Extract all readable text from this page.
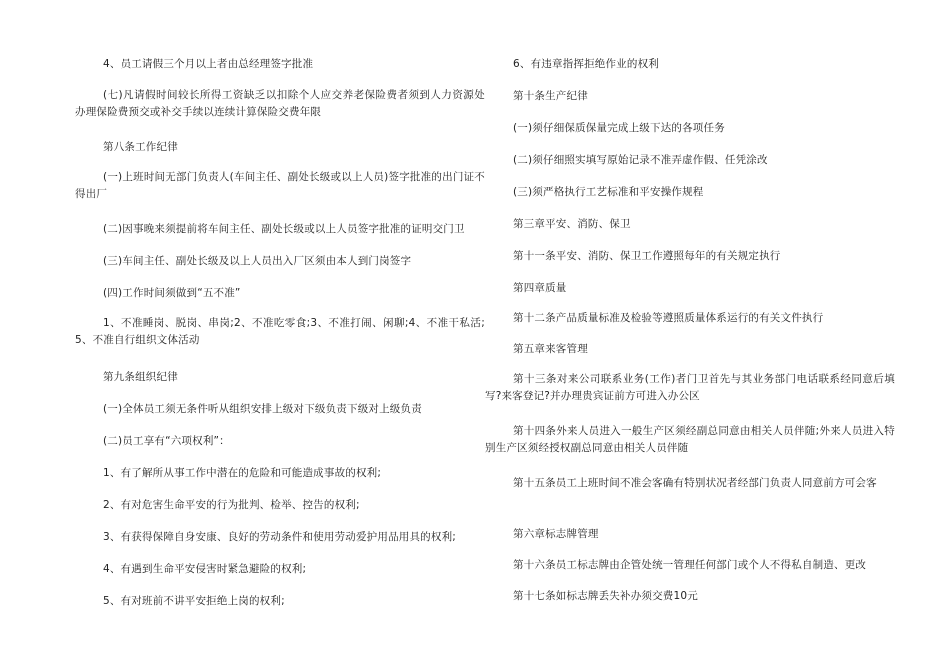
4、员工请假三个月以上者由总经理签字批准
(七)凡请假时间较长所得工资缺乏以扣除个人应交养老保险费者须到人力资源处办理保险费预交或补交手续以连续计算保险交费年限
第八条工作纪律
(一)上班时间无部门负责人(车间主任、副处长级或以上人员)签字批准的出门证不得出厂
(二)因事晚来须提前将车间主任、副处长级或以上人员签字批准的证明交门卫
(三)车间主任、副处长级及以上人员出入厂区须由本人到门岗签字
(四)工作时间须做到“五不准”
1、不准睡岗、脱岗、串岗;2、不准吃零食;3、不准打闹、闲聊;4、不准干私活;5、不准自行组织文体活动
第九条组织纪律
(一)全体员工须无条件听从组织安排上级对下级负责下级对上级负责
(二)员工享有“六项权利”：
1、有了解所从事工作中潜在的危险和可能造成事故的权利;
2、有对危害生命平安的行为批判、检举、控告的权利;
3、有获得保障自身安康、良好的劳动条件和使用劳动爱护用品用具的权利;
4、有遇到生命平安侵害时紧急避险的权利;
5、有对班前不讲平安拒绝上岗的权利;
6、有违章指挥拒绝作业的权利
第十条生产纪律
(一)须仔细保质保量完成上级下达的各项任务
(二)须仔细照实填写原始记录不准弄虚作假、任凭涂改
(三)须严格执行工艺标准和平安操作规程
第三章平安、消防、保卫
第十一条平安、消防、保卫工作遵照每年的有关规定执行
第四章质量
第十二条产品质量标准及检验等遵照质量体系运行的有关文件执行
第五章来客管理
第十三条对来公司联系业务(工作)者门卫首先与其业务部门电话联系经同意后填写?来客登记?并办理贵宾证前方可进入办公区
第十四条外来人员进入一般生产区须经副总同意由相关人员伴随;外来人员进入特别生产区须经授权副总同意由相关人员伴随
第十五条员工上班时间不准会客确有特别状况者经部门负责人同意前方可会客
第六章标志牌管理
第十六条员工标志牌由企管处统一管理任何部门或个人不得私自制造、更改
第十七条如标志牌丢失补办须交费10元
